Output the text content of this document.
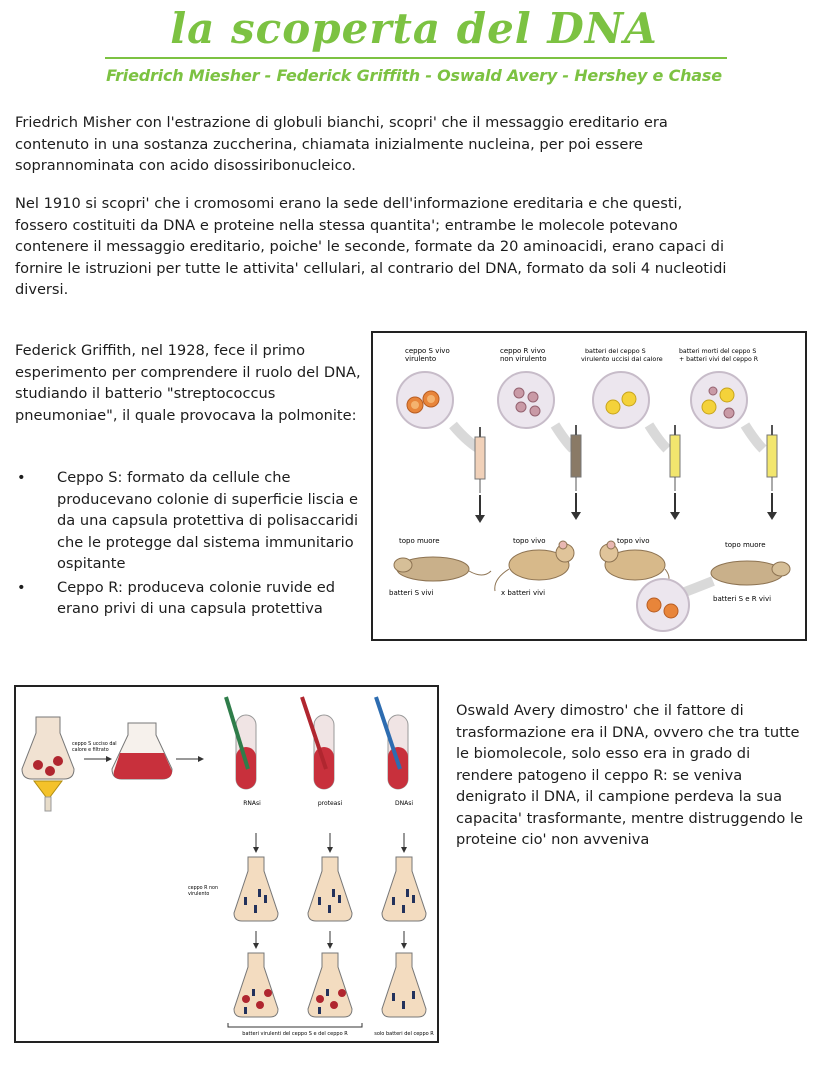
la scoperta del DNA
Friedrich Miesher - Federick Griffith - Oswald Avery - Hershey e Chase

Friedrich Misher con l'estrazione di globuli bianchi, scopri' che il messaggio ereditario era contenuto in una sostanza zuccherina, chiamata inizialmente nucleina, per poi essere soprannominata con acido disossiribonucleico.

Nel 1910 si scopri' che i cromosomi erano la sede dell'informazione ereditaria e che questi, fossero costituiti da DNA e proteine nella stessa quantita'; entrambe le molecole potevano contenere il messaggio ereditario, poiche' le seconde, formate da 20 aminoacidi, erano capaci di fornire le istruzioni per tutte le attivita' cellulari, al contrario del DNA, formato da soli 4 nucleotidi diversi.

Federick Griffith, nel 1928, fece il primo esperimento per comprendere il ruolo del DNA, studiando il batterio "streptococcus pneumoniae", il quale provocava la polmonite:

• Ceppo S: formato da cellule che producevano colonie di superficie liscia e da una capsula protettiva di polisaccaridi che le protegge dal sistema immunitario ospitante
• Ceppo R: produceva colonie ruvide ed erano privi di una capsula protettiva
ceppo S vivo
virulento
ceppo R vivo
non virulento
batteri del ceppo S
virulento uccisi dal calore
batteri morti del ceppo S
+ batteri vivi del ceppo R
topo muore	topo vivo	topo vivo	topo muore
batteri S vivi	x batteri vivi
batteri S e R vivi
ceppo S ucciso dal
calore e filtrato
RNAsi	proteasi	DNAsi
ceppo R non
virulento
batteri virulenti del ceppo S e del ceppo R	solo batteri del ceppo R

Oswald Avery dimostro' che il fattore di trasformazione era il DNA, ovvero che tra tutte le biomolecole, solo esso era in grado di rendere patogeno il ceppo R: se veniva denigrato il DNA, il campione perdeva la sua capacita' trasformante, mentre distruggendo le proteine cio' non avveniva
